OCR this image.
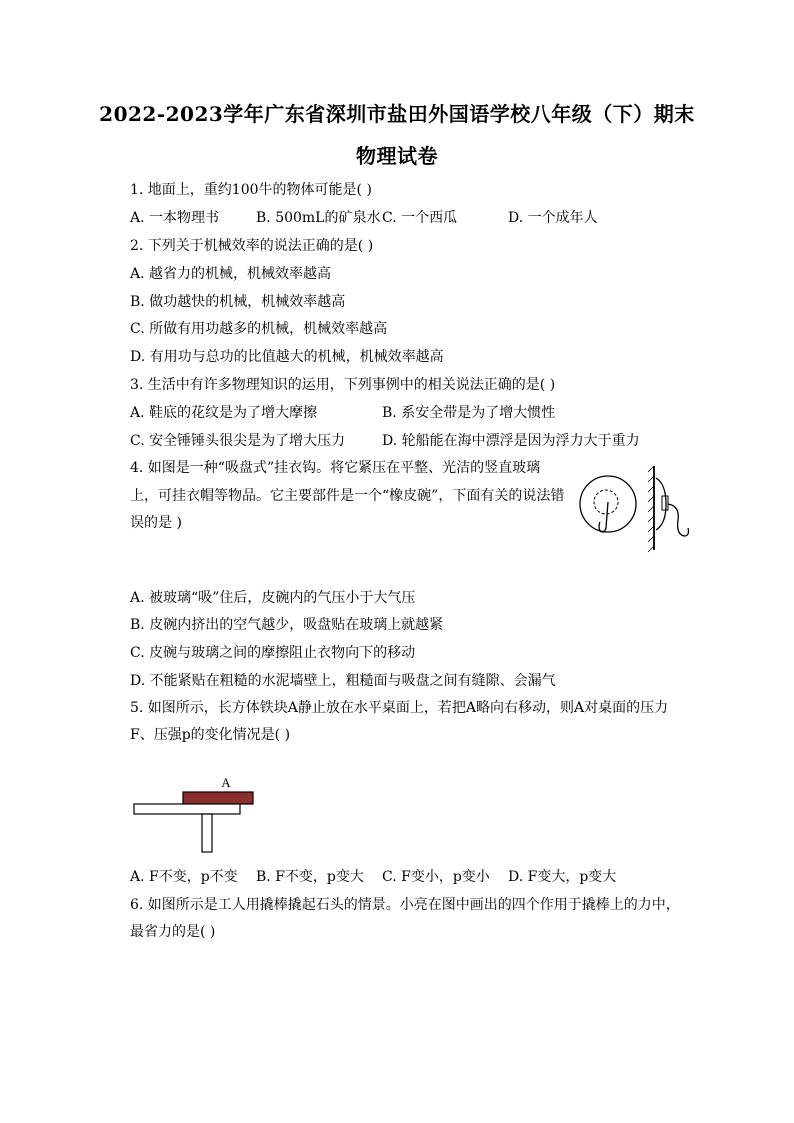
2022-2023学年广东省深圳市盐田外国语学校八年级（下）期末
物理试卷
1. 地面上，重约100牛的物体可能是( )
A. 一本物理书	B. 500mL的矿泉水 C. 一个西瓜	D. 一个成年人
2. 下列关于机械效率的说法正确的是( )
A. 越省力的机械，机械效率越高
B. 做功越快的机械，机械效率越高
C. 所做有用功越多的机械，机械效率越高
D. 有用功与总功的比值越大的机械，机械效率越高
3. 生活中有许多物理知识的运用，下列事例中的相关说法正确的是( )
A. 鞋底的花纹是为了增大摩擦	B. 系安全带是为了增大惯性
C. 安全锤锤头很尖是为了增大压力	D. 轮船能在海中漂浮是因为浮力大于重力
4. 如图是一种“吸盘式”挂衣钩。将它紧压在平整、光洁的竖直玻璃
上，可挂衣帽等物品。它主要部件是一个“橡皮碗”，下面有关的说法错
误的是 )
A. 被玻璃“吸”住后，皮碗内的气压小于大气压
B. 皮碗内挤出的空气越少，吸盘贴在玻璃上就越紧
C. 皮碗与玻璃之间的摩擦阻止衣物向下的移动
D. 不能紧贴在粗糙的水泥墙壁上，粗糙面与吸盘之间有缝隙、会漏气
5. 如图所示，长方体铁块A静止放在水平桌面上，若把A略向右移动，则A对桌面的压力
F、压强p的变化情况是( )
A
A. F不变，p不变 B. F不变，p变大 C. F变小，p变小 D. F变大，p变大
6. 如图所示是工人用撬棒撬起石头的情景。小亮在图中画出的四个作用于撬棒上的力中，
最省力的是( )
